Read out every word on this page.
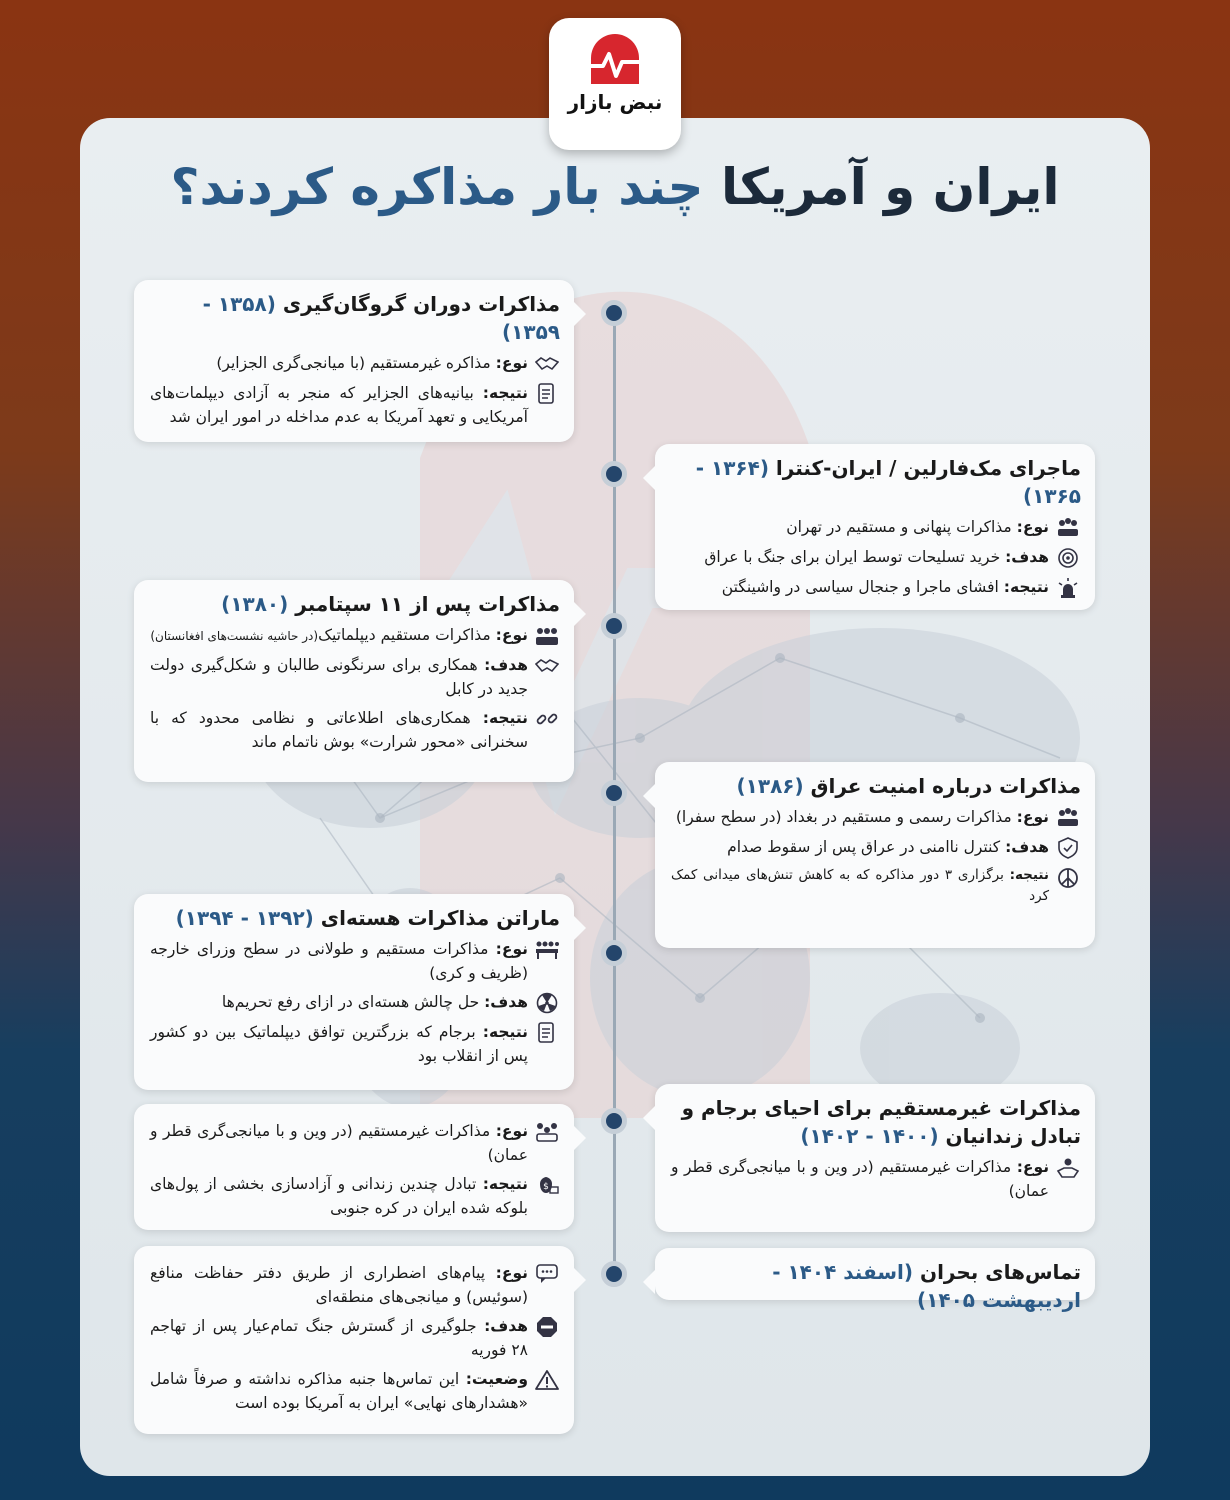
نبض بازار
ایران و آمریکا چند بار مذاکره کردند؟
مذاکرات دوران گروگان‌گیری (۱۳۵۸ - ۱۳۵۹)
نوع: مذاکره غیرمستقیم (با میانجی‌گری الجزایر)
نتیجه: بیانیه‌های الجزایر که منجر به آزادی دیپلمات‌های آمریکایی و تعهد آمریکا به عدم مداخله در امور ایران شد
ماجرای مک‌فارلین / ایران-کنترا (۱۳۶۴ - ۱۳۶۵)
نوع: مذاکرات پنهانی و مستقیم در تهران
هدف: خرید تسلیحات توسط ایران برای جنگ با عراق
نتیجه: افشای ماجرا و جنجال سیاسی در واشینگتن
مذاکرات پس از ۱۱ سپتامبر (۱۳۸۰)
نوع: مذاکرات مستقیم دیپلماتیک(در حاشیه نشست‌های افغانستان)
هدف: همکاری برای سرنگونی طالبان و شکل‌گیری دولت جدید در کابل
نتیجه: همکاری‌های اطلاعاتی و نظامی محدود که با سخنرانی «محور شرارت» بوش ناتمام ماند
مذاکرات درباره امنیت عراق (۱۳۸۶)
نوع: مذاکرات رسمی و مستقیم در بغداد (در سطح سفرا)
هدف: کنترل ناامنی در عراق پس از سقوط صدام
نتیجه: برگزاری ۳ دور مذاکره که به کاهش تنش‌های میدانی کمک کرد
ماراتن مذاکرات هسته‌ای (۱۳۹۲ - ۱۳۹۴)
نوع: مذاکرات مستقیم و طولانی در سطح وزرای خارجه (ظریف و کری)
هدف: حل چالش هسته‌ای در ازای رفع تحریم‌ها
نتیجه: برجام که بزرگترین توافق دیپلماتیک بین دو کشور پس از انقلاب بود
مذاکرات غیرمستقیم برای احیای برجام و تبادل زندانیان (۱۴۰۰ - ۱۴۰۲)
نوع: مذاکرات غیرمستقیم (در وین و با میانجی‌گری قطر و عمان)
نوع: مذاکرات غیرمستقیم (در وین و با میانجی‌گری قطر و عمان)
$
نتیجه: تبادل چندین زندانی و آزادسازی بخشی از پول‌های بلوکه شده ایران در کره جنوبی
تماس‌های بحران (اسفند ۱۴۰۴ - اردیبهشت ۱۴۰۵)
نوع: پیام‌های اضطراری از طریق دفتر حفاظت منافع (سوئیس) و میانجی‌های منطقه‌ای
هدف: جلوگیری از گسترش جنگ تمام‌عیار پس از تهاجم ۲۸ فوریه
وضعیت: این تماس‌ها جنبه مذاکره نداشته و صرفاً شامل «هشدارهای نهایی» ایران به آمریکا بوده است
